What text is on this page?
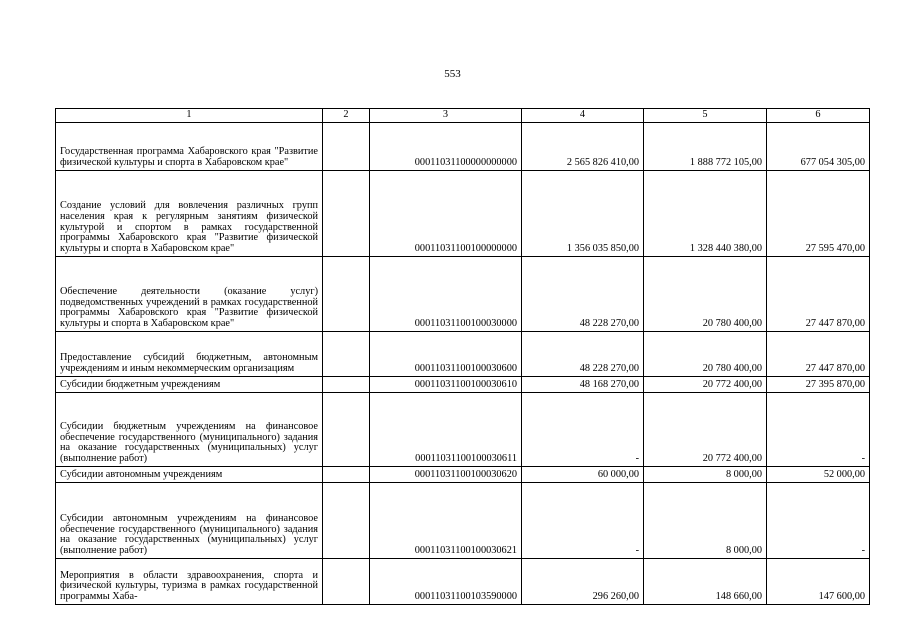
553
1	2	3	4	5	6
Государственная программа Хабаровского края "Развитие физической культуры и спорта в Хабаровском крае"		00011031100000000000	2 565 826 410,00	1 888 772 105,00	677 054 305,00
Создание условий для вовлечения различных групп населения края к регулярным занятиям физической культурой и спортом в рамках государственной программы Хабаровского края "Развитие физической культуры и спорта в Хабаровском крае"		00011031100100000000	1 356 035 850,00	1 328 440 380,00	27 595 470,00
Обеспечение деятельности (оказание услуг) подведомственных учреждений в рамках государственной программы Хабаровского края "Развитие физической культуры и спорта в Хабаровском крае"		00011031100100030000	48 228 270,00	20 780 400,00	27 447 870,00
Предоставление субсидий бюджетным, автономным учреждениям и иным некоммерческим организациям		00011031100100030600	48 228 270,00	20 780 400,00	27 447 870,00
Субсидии бюджетным учреждениям		00011031100100030610	48 168 270,00	20 772 400,00	27 395 870,00
Субсидии бюджетным учреждениям на финансовое обеспечение государственного (муниципального) задания на оказание государственных (муниципальных) услуг (выполнение работ)		00011031100100030611	-	20 772 400,00	-
Субсидии автономным учреждениям		00011031100100030620	60 000,00	8 000,00	52 000,00
Субсидии автономным учреждениям на финансовое обеспечение государственного (муниципального) задания на оказание государственных (муниципальных) услуг (выполнение работ)		00011031100100030621	-	8 000,00	-
Мероприятия в области здравоохранения, спорта и физической культуры, туризма в рамках государственной программы Хаба-		00011031100103590000	296 260,00	148 660,00	147 600,00
